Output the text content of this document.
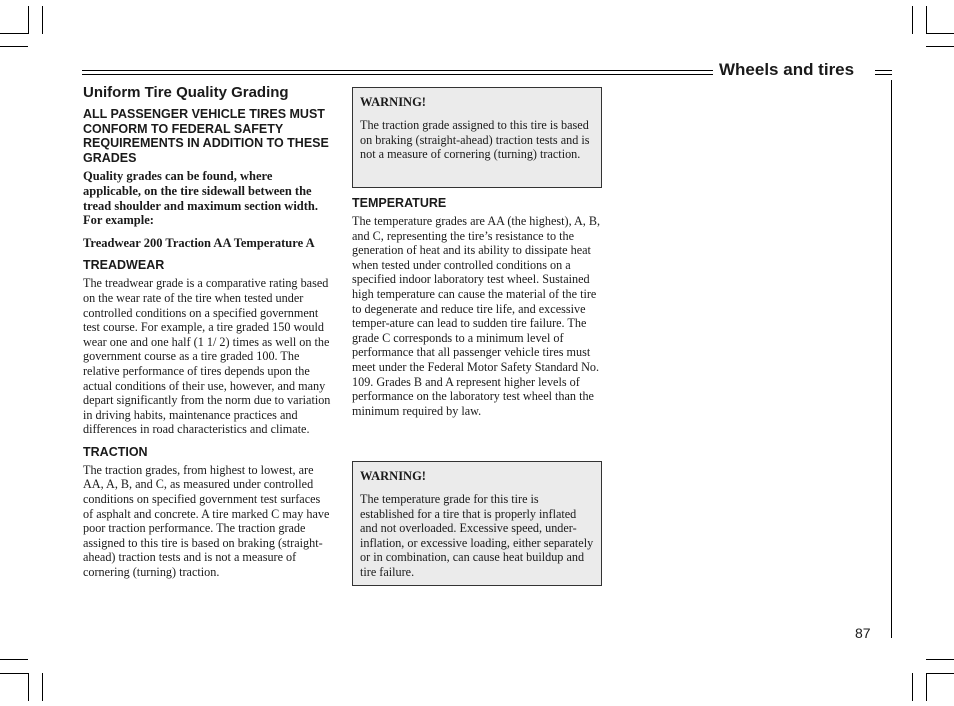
Wheels and tires
Uniform Tire Quality Grading
ALL PASSENGER VEHICLE TIRES MUST CONFORM TO FEDERAL SAFETY REQUIREMENTS IN ADDITION TO THESE GRADES
Quality grades can be found, where applicable, on the tire sidewall between the tread shoulder and maximum section width. For example:
Treadwear 200 Traction AA Temperature A
TREADWEAR

The treadwear grade is a comparative rating based on the wear rate of the tire when tested under controlled conditions on a specified government test course. For example, a tire graded 150 would wear one and one half (1 1/ 2) times as well on the government course as a tire graded 100. The relative performance of tires depends upon the actual conditions of their use, however, and many depart significantly from the norm due to variation in driving habits, maintenance practices and differences in road characteristics and climate.

TRACTION

The traction grades, from highest to lowest, are AA, A, B, and C, as measured under controlled conditions on specified government test surfaces of asphalt and concrete. A tire marked C may have poor traction performance. The traction grade assigned to this tire is based on braking (straight-ahead) traction tests and is not a measure of cornering (turning) traction.

WARNING!

The traction grade assigned to this tire is based on braking (straight-ahead) traction tests and is not a measure of cornering (turning) traction.

TEMPERATURE

The temperature grades are AA (the highest), A, B, and C, representing the tire’s resistance to the generation of heat and its ability to dissipate heat when tested under controlled conditions on a specified indoor laboratory test wheel. Sustained high temperature can cause the material of the tire to degenerate and reduce tire life, and excessive temper-ature can lead to sudden tire failure. The grade C corresponds to a minimum level of performance that all passenger vehicle tires must meet under the Federal Motor Safety Standard No. 109. Grades B and A represent higher levels of performance on the laboratory test wheel than the minimum required by law.

WARNING!

The temperature grade for this tire is established for a tire that is properly inflated and not overloaded. Excessive speed, under-inflation, or excessive loading, either separately or in combination, can cause heat buildup and tire failure.

87
